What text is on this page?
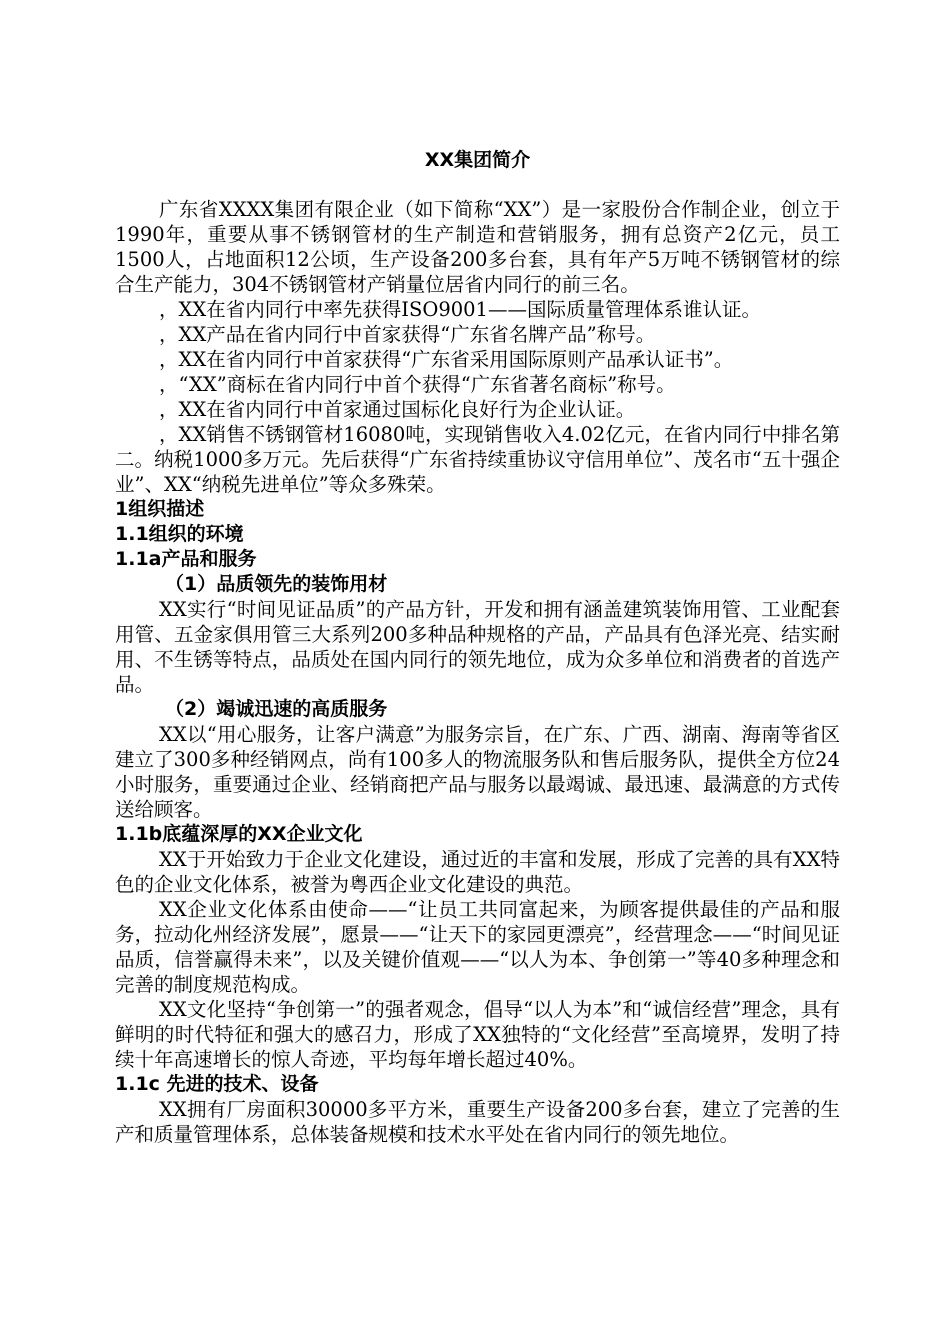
XX集团简介

广东省XXXX集团有限企业（如下简称“XX”）是一家股份合作制企业，创立于1990年，重要从事不锈钢管材的生产制造和营销服务，拥有总资产2亿元，员工1500人，占地面积12公顷，生产设备200多台套，具有年产5万吨不锈钢管材的综合生产能力，304不锈钢管材产销量位居省内同行的前三名。

，XX在省内同行中率先获得ISO9001——国际质量管理体系谁认证。

，XX产品在省内同行中首家获得“广东省名牌产品”称号。

，XX在省内同行中首家获得“广东省采用国际原则产品承认证书”。

，“XX”商标在省内同行中首个获得“广东省著名商标”称号。

，XX在省内同行中首家通过国标化良好行为企业认证。

，XX销售不锈钢管材16080吨，实现销售收入4.02亿元，在省内同行中排名第二。纳税1000多万元。先后获得“广东省持续重协议守信用单位”、茂名市“五十强企业”、XX“纳税先进单位”等众多殊荣。

1组织描述
1.1组织的环境
1.1a产品和服务
（1）品质领先的装饰用材

XX实行“时间见证品质”的产品方针，开发和拥有涵盖建筑装饰用管、工业配套用管、五金家俱用管三大系列200多种品种规格的产品，产品具有色泽光亮、结实耐用、不生锈等特点，品质处在国内同行的领先地位，成为众多单位和消费者的首选产品。

（2）竭诚迅速的高质服务

XX以“用心服务，让客户满意”为服务宗旨，在广东、广西、湖南、海南等省区建立了300多种经销网点，尚有100多人的物流服务队和售后服务队，提供全方位24小时服务，重要通过企业、经销商把产品与服务以最竭诚、最迅速、最满意的方式传送给顾客。

1.1b底蕴深厚的XX企业文化

XX于开始致力于企业文化建设，通过近的丰富和发展，形成了完善的具有XX特色的企业文化体系，被誉为粤西企业文化建设的典范。

XX企业文化体系由使命——“让员工共同富起来，为顾客提供最佳的产品和服务，拉动化州经济发展”，愿景——“让天下的家园更漂亮”，经营理念——“时间见证品质，信誉赢得未来”，以及关键价值观——“以人为本、争创第一”等40多种理念和完善的制度规范构成。

XX文化坚持“争创第一”的强者观念，倡导“以人为本”和“诚信经营”理念，具有鲜明的时代特征和强大的感召力，形成了XX独特的“文化经营”至高境界，发明了持续十年高速增长的惊人奇迹，平均每年增长超过40%。

1.1c 先进的技术、设备

XX拥有厂房面积30000多平方米，重要生产设备200多台套，建立了完善的生产和质量管理体系，总体装备规模和技术水平处在省内同行的领先地位。
